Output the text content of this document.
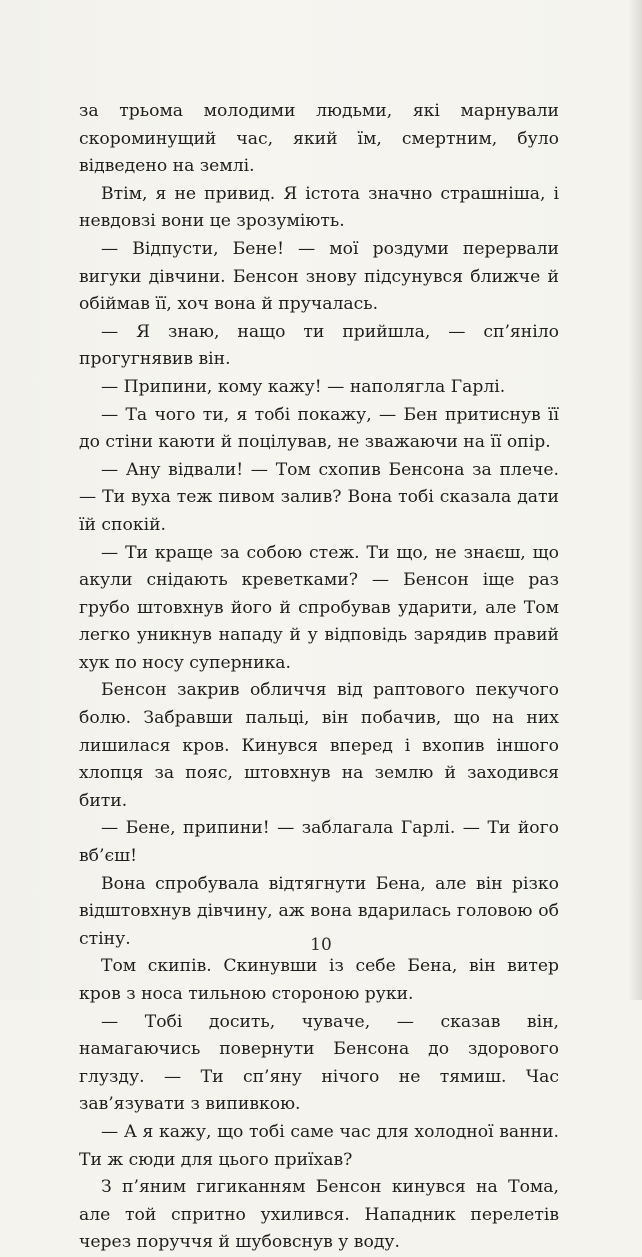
за трьома молодими людьми, які марнували скороминущий час, який їм, смертним, було відведено на землі.

Втім, я не привид. Я істота значно страшніша, і невдовзі вони це зрозуміють.

— Відпусти, Бене! — мої роздуми перервали вигуки дівчини. Бенсон знову підсунувся ближче й обіймав її, хоч вона й пручалась.

— Я знаю, нащо ти прийшла, — сп’яніло прогугнявив він.

— Припини, кому кажу! — наполягла Гарлі.

— Та чого ти, я тобі покажу, — Бен притиснув її до стіни каюти й поцілував, не зважаючи на її опір.

— Ану відвали! — Том схопив Бенсона за плече. — Ти вуха теж пивом залив? Вона тобі сказала дати їй спокій.

— Ти краще за собою стеж. Ти що, не знаєш, що акули снідають креветками? — Бенсон іще раз грубо штовхнув його й спробував ударити, але Том легко уникнув нападу й у відповідь зарядив правий хук по носу суперника.

Бенсон закрив обличчя від раптового пекучого болю. Забравши пальці, він побачив, що на них лишилася кров. Кинувся вперед і вхопив іншого хлопця за пояс, штовхнув на землю й заходився бити.

— Бене, припини! — заблагала Гарлі. — Ти його вб’єш!

Вона спробувала відтягнути Бена, але він різко відштовхнув дівчину, аж вона вдарилась головою об стіну.

Том скипів. Скинувши із себе Бена, він витер кров з носа тильною стороною руки.

— Тобі досить, чуваче, — сказав він, намагаючись повернути Бенсона до здорового глузду. — Ти сп’яну нічого не тямиш. Час зав’язувати з випивкою.

— А я кажу, що тобі саме час для холодної ванни. Ти ж сюди для цього приїхав?

З п’яним гигиканням Бенсон кинувся на Тома, але той спритно ухилився. Нападник перелетів через поруччя й шубовснув у воду.

10
